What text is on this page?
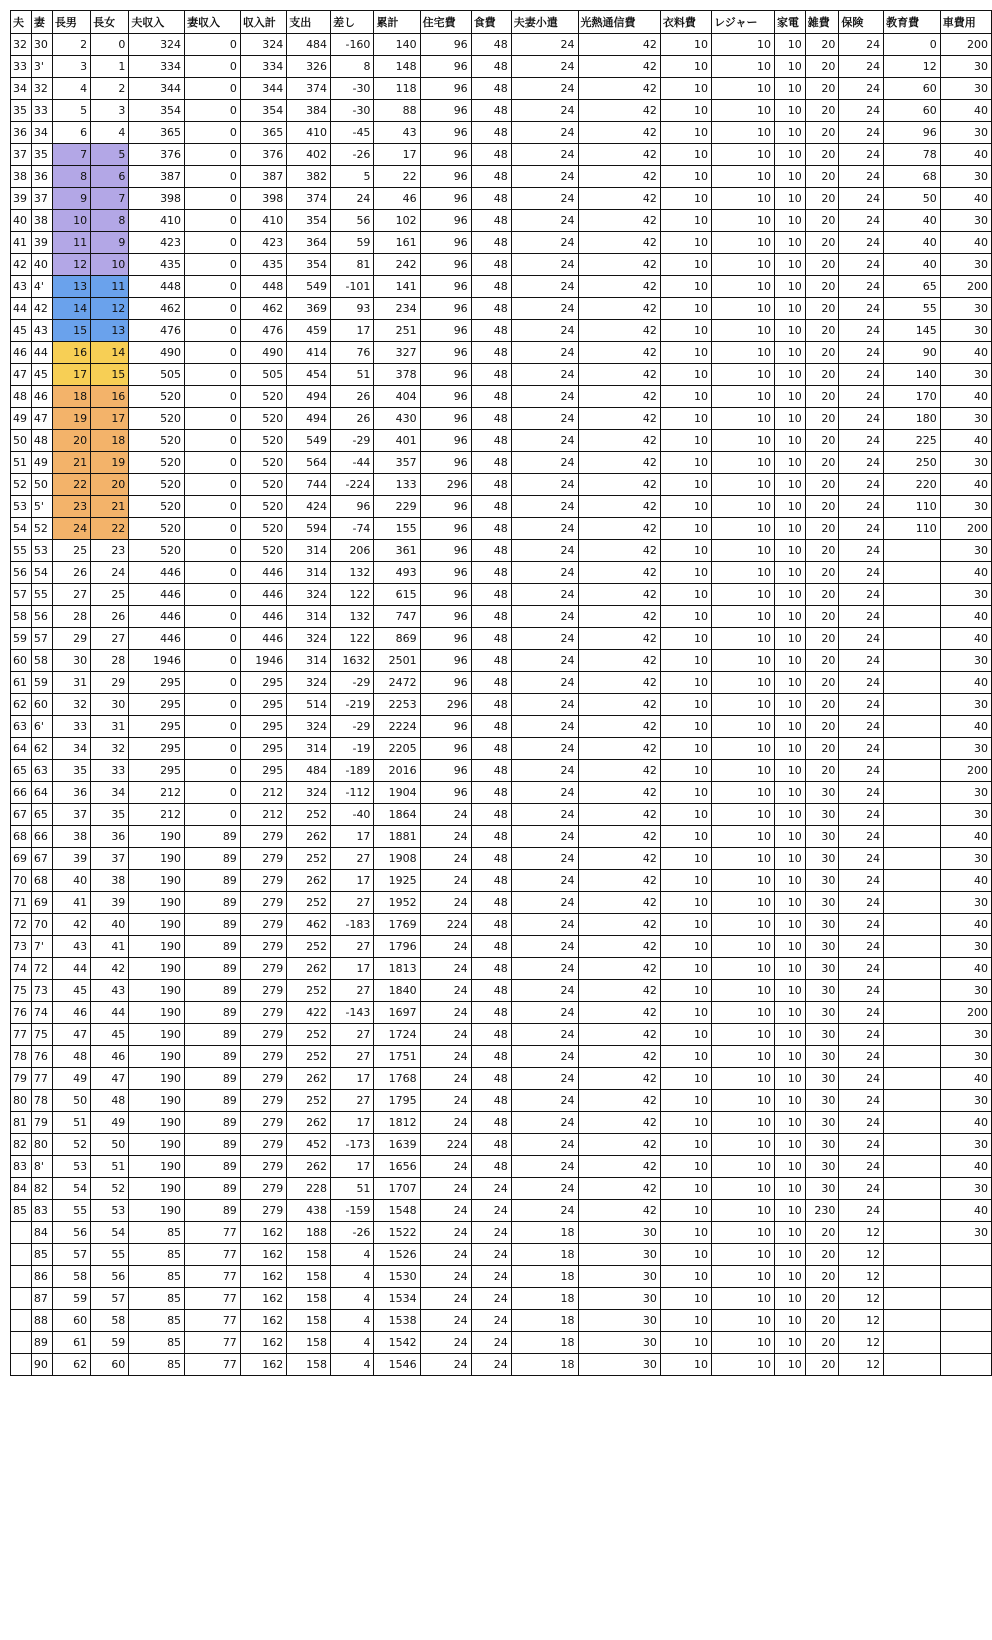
夫	妻	長男	長女	夫収入	妻収入	収入計	支出	差し	累計	住宅費	食費	夫妻小遣	光熱通信費	衣料費	レジャー	家電	雑費	保険	教育費	車費用
32	30	2	0	324	0	324	484	-160	140	96	48	24	42	10	10	10	20	24	0	200
33	3'	3	1	334	0	334	326	8	148	96	48	24	42	10	10	10	20	24	12	30
34	32	4	2	344	0	344	374	-30	118	96	48	24	42	10	10	10	20	24	60	30
35	33	5	3	354	0	354	384	-30	88	96	48	24	42	10	10	10	20	24	60	40
36	34	6	4	365	0	365	410	-45	43	96	48	24	42	10	10	10	20	24	96	30
37	35	7	5	376	0	376	402	-26	17	96	48	24	42	10	10	10	20	24	78	40
38	36	8	6	387	0	387	382	5	22	96	48	24	42	10	10	10	20	24	68	30
39	37	9	7	398	0	398	374	24	46	96	48	24	42	10	10	10	20	24	50	40
40	38	10	8	410	0	410	354	56	102	96	48	24	42	10	10	10	20	24	40	30
41	39	11	9	423	0	423	364	59	161	96	48	24	42	10	10	10	20	24	40	40
42	40	12	10	435	0	435	354	81	242	96	48	24	42	10	10	10	20	24	40	30
43	4'	13	11	448	0	448	549	-101	141	96	48	24	42	10	10	10	20	24	65	200
44	42	14	12	462	0	462	369	93	234	96	48	24	42	10	10	10	20	24	55	30
45	43	15	13	476	0	476	459	17	251	96	48	24	42	10	10	10	20	24	145	30
46	44	16	14	490	0	490	414	76	327	96	48	24	42	10	10	10	20	24	90	40
47	45	17	15	505	0	505	454	51	378	96	48	24	42	10	10	10	20	24	140	30
48	46	18	16	520	0	520	494	26	404	96	48	24	42	10	10	10	20	24	170	40
49	47	19	17	520	0	520	494	26	430	96	48	24	42	10	10	10	20	24	180	30
50	48	20	18	520	0	520	549	-29	401	96	48	24	42	10	10	10	20	24	225	40
51	49	21	19	520	0	520	564	-44	357	96	48	24	42	10	10	10	20	24	250	30
52	50	22	20	520	0	520	744	-224	133	296	48	24	42	10	10	10	20	24	220	40
53	5'	23	21	520	0	520	424	96	229	96	48	24	42	10	10	10	20	24	110	30
54	52	24	22	520	0	520	594	-74	155	96	48	24	42	10	10	10	20	24	110	200
55	53	25	23	520	0	520	314	206	361	96	48	24	42	10	10	10	20	24		30
56	54	26	24	446	0	446	314	132	493	96	48	24	42	10	10	10	20	24		40
57	55	27	25	446	0	446	324	122	615	96	48	24	42	10	10	10	20	24		30
58	56	28	26	446	0	446	314	132	747	96	48	24	42	10	10	10	20	24		40
59	57	29	27	446	0	446	324	122	869	96	48	24	42	10	10	10	20	24		40
60	58	30	28	1946	0	1946	314	1632	2501	96	48	24	42	10	10	10	20	24		30
61	59	31	29	295	0	295	324	-29	2472	96	48	24	42	10	10	10	20	24		40
62	60	32	30	295	0	295	514	-219	2253	296	48	24	42	10	10	10	20	24		30
63	6'	33	31	295	0	295	324	-29	2224	96	48	24	42	10	10	10	20	24		40
64	62	34	32	295	0	295	314	-19	2205	96	48	24	42	10	10	10	20	24		30
65	63	35	33	295	0	295	484	-189	2016	96	48	24	42	10	10	10	20	24		200
66	64	36	34	212	0	212	324	-112	1904	96	48	24	42	10	10	10	30	24		30
67	65	37	35	212	0	212	252	-40	1864	24	48	24	42	10	10	10	30	24		30
68	66	38	36	190	89	279	262	17	1881	24	48	24	42	10	10	10	30	24		40
69	67	39	37	190	89	279	252	27	1908	24	48	24	42	10	10	10	30	24		30
70	68	40	38	190	89	279	262	17	1925	24	48	24	42	10	10	10	30	24		40
71	69	41	39	190	89	279	252	27	1952	24	48	24	42	10	10	10	30	24		30
72	70	42	40	190	89	279	462	-183	1769	224	48	24	42	10	10	10	30	24		40
73	7'	43	41	190	89	279	252	27	1796	24	48	24	42	10	10	10	30	24		30
74	72	44	42	190	89	279	262	17	1813	24	48	24	42	10	10	10	30	24		40
75	73	45	43	190	89	279	252	27	1840	24	48	24	42	10	10	10	30	24		30
76	74	46	44	190	89	279	422	-143	1697	24	48	24	42	10	10	10	30	24		200
77	75	47	45	190	89	279	252	27	1724	24	48	24	42	10	10	10	30	24		30
78	76	48	46	190	89	279	252	27	1751	24	48	24	42	10	10	10	30	24		30
79	77	49	47	190	89	279	262	17	1768	24	48	24	42	10	10	10	30	24		40
80	78	50	48	190	89	279	252	27	1795	24	48	24	42	10	10	10	30	24		30
81	79	51	49	190	89	279	262	17	1812	24	48	24	42	10	10	10	30	24		40
82	80	52	50	190	89	279	452	-173	1639	224	48	24	42	10	10	10	30	24		30
83	8'	53	51	190	89	279	262	17	1656	24	48	24	42	10	10	10	30	24		40
84	82	54	52	190	89	279	228	51	1707	24	24	24	42	10	10	10	30	24		30
85	83	55	53	190	89	279	438	-159	1548	24	24	24	42	10	10	10	230	24		40
	84	56	54	85	77	162	188	-26	1522	24	24	18	30	10	10	10	20	12		30
	85	57	55	85	77	162	158	4	1526	24	24	18	30	10	10	10	20	12		
	86	58	56	85	77	162	158	4	1530	24	24	18	30	10	10	10	20	12		
	87	59	57	85	77	162	158	4	1534	24	24	18	30	10	10	10	20	12		
	88	60	58	85	77	162	158	4	1538	24	24	18	30	10	10	10	20	12		
	89	61	59	85	77	162	158	4	1542	24	24	18	30	10	10	10	20	12		
	90	62	60	85	77	162	158	4	1546	24	24	18	30	10	10	10	20	12		
